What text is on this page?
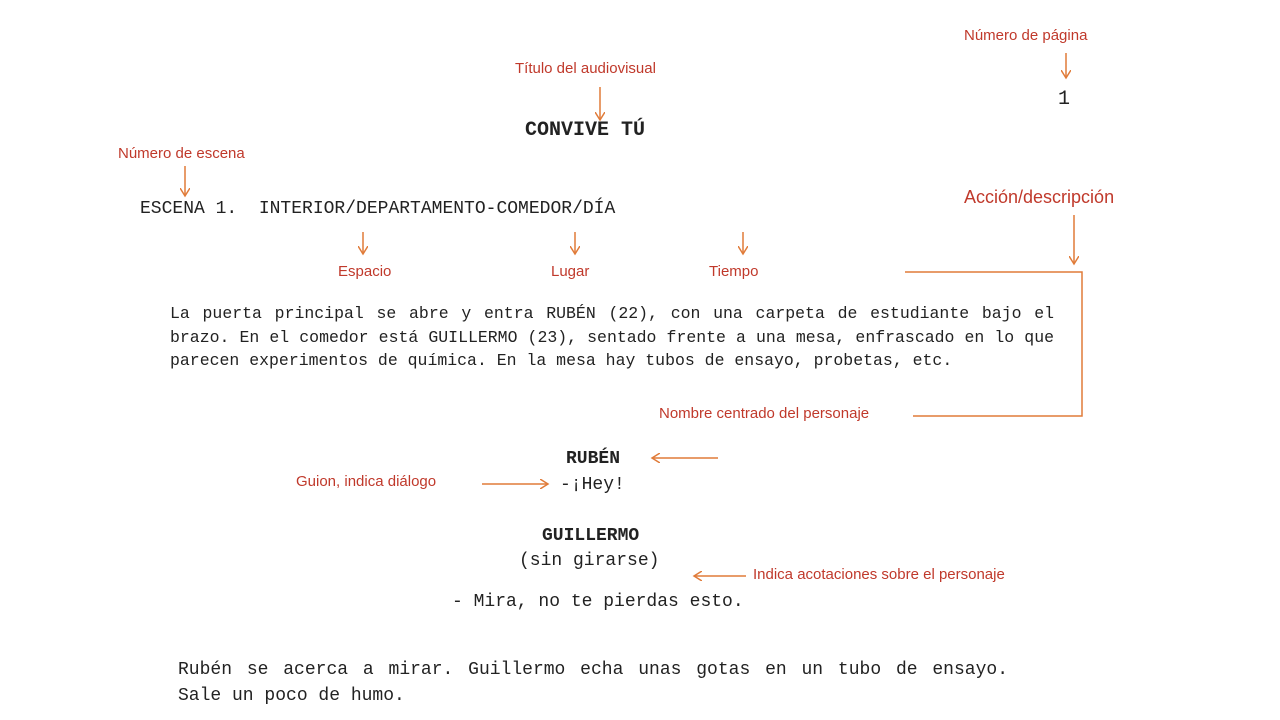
Número de página
Título del audiovisual
Número de escena
Acción/descripción
Espacio	Lugar	Tiempo
Nombre centrado del personaje
Guion, indica diálogo
Indica acotaciones sobre el personaje
1
CONVIVE TÚ
ESCENA 1.  INTERIOR/DEPARTAMENTO-COMEDOR/DÍA
La puerta principal se abre y entra RUBÉN (22), con una carpeta de estudiante bajo el brazo. En el comedor está GUILLERMO (23), sentado frente a una mesa, enfrascado en lo que parecen experimentos de química. En la mesa hay tubos de ensayo, probetas, etc.
RUBÉN
-¡Hey!
GUILLERMO
(sin girarse)
- Mira, no te pierdas esto.
Rubén se acerca a mirar. Guillermo echa unas gotas en un tubo de ensayo. Sale un poco de humo.
